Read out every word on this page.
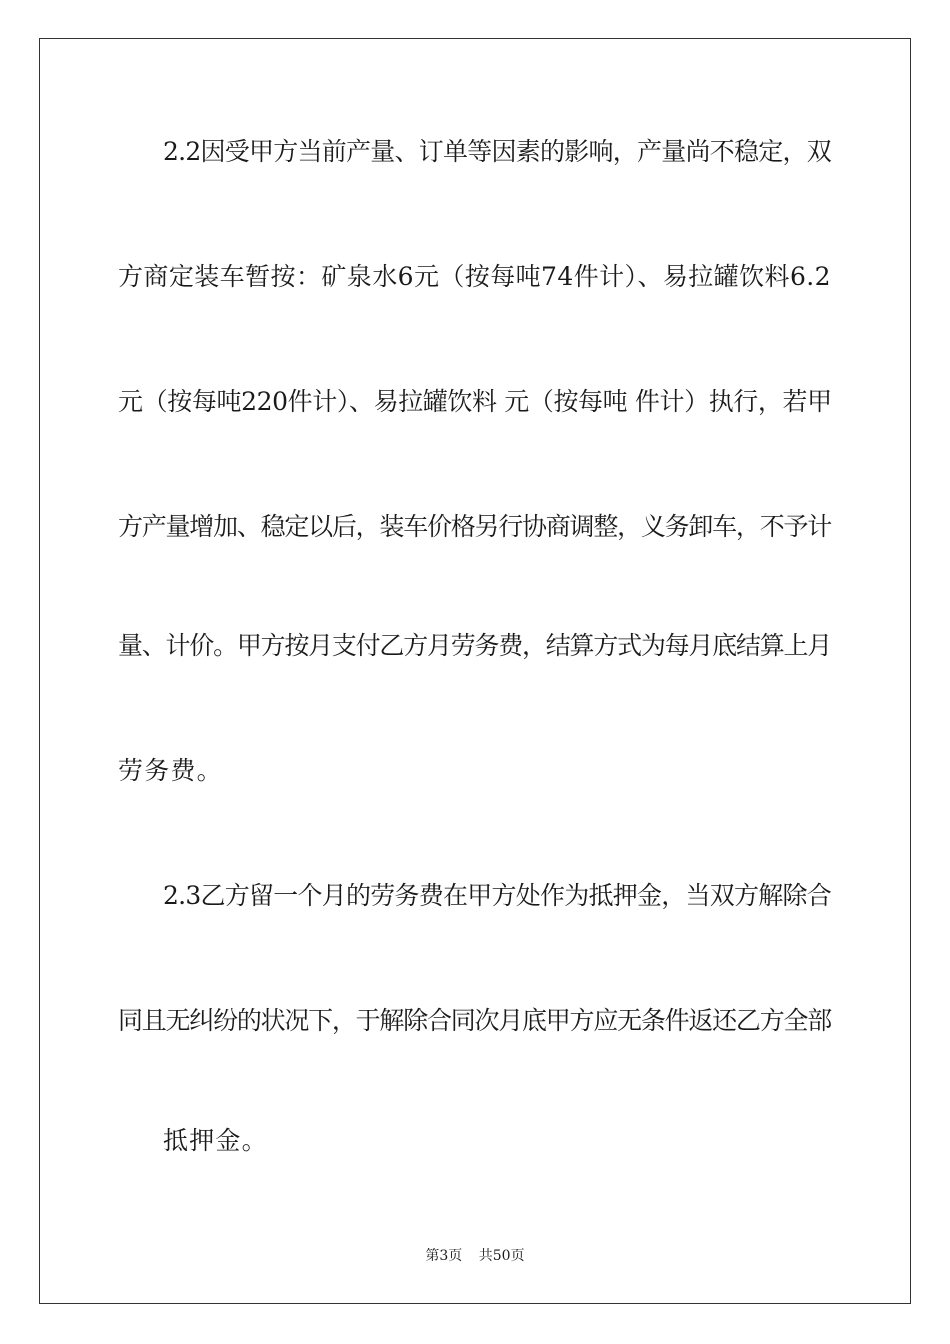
2.2因受甲方当前产量、订单等因素的影响，产量尚不稳定，双
方商定装车暂按：矿泉水6元（按每吨74件计）、易拉罐饮料6.2
元（按每吨220件计）、易拉罐饮料 元（按每吨 件计）执行，若甲
方产量增加、稳定以后，装车价格另行协商调整，义务卸车，不予计
量、计价。甲方按月支付乙方月劳务费，结算方式为每月底结算上月
劳务费。
2.3乙方留一个月的劳务费在甲方处作为抵押金，当双方解除合
同且无纠纷的状况下，于解除合同次月底甲方应无条件返还乙方全部
抵押金。
第3页 共50页
